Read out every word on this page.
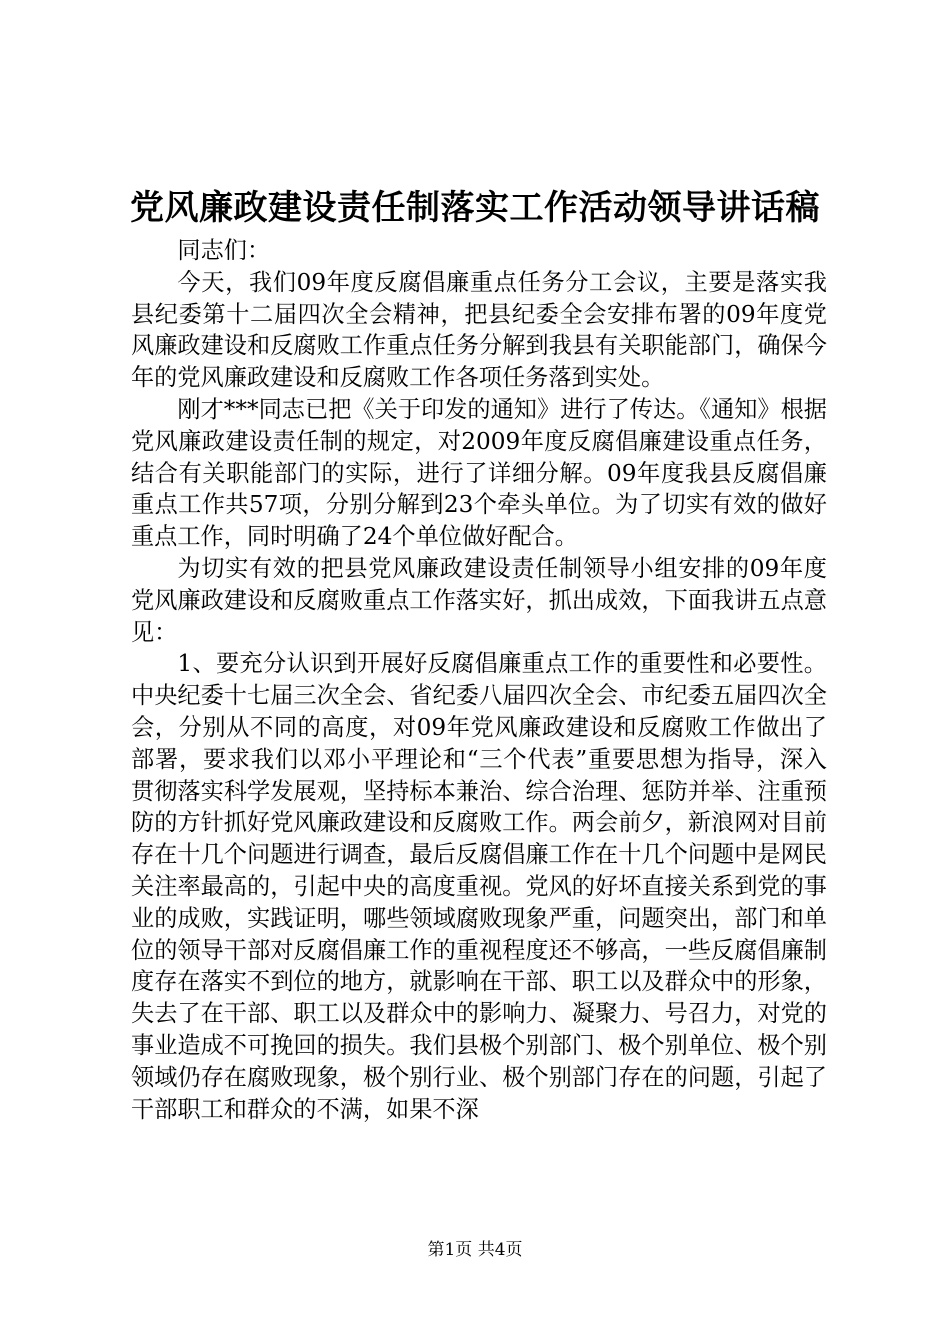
党风廉政建设责任制落实工作活动领导讲话稿

同志们：

今天，我们09年度反腐倡廉重点任务分工会议，主要是落实我县纪委第十二届四次全会精神，把县纪委全会安排布署的09年度党风廉政建设和反腐败工作重点任务分解到我县有关职能部门，确保今年的党风廉政建设和反腐败工作各项任务落到实处。

刚才***同志已把《关于印发的通知》进行了传达。《通知》根据党风廉政建设责任制的规定，对2009年度反腐倡廉建设重点任务，结合有关职能部门的实际，进行了详细分解。09年度我县反腐倡廉重点工作共57项，分别分解到23个牵头单位。为了切实有效的做好重点工作，同时明确了24个单位做好配合。

为切实有效的把县党风廉政建设责任制领导小组安排的09年度党风廉政建设和反腐败重点工作落实好，抓出成效，下面我讲五点意见：

1、要充分认识到开展好反腐倡廉重点工作的重要性和必要性。中央纪委十七届三次全会、省纪委八届四次全会、市纪委五届四次全会，分别从不同的高度，对09年党风廉政建设和反腐败工作做出了部署，要求我们以邓小平理论和“三个代表”重要思想为指导，深入贯彻落实科学发展观，坚持标本兼治、综合治理、惩防并举、注重预防的方针抓好党风廉政建设和反腐败工作。两会前夕，新浪网对目前存在十几个问题进行调查，最后反腐倡廉工作在十几个问题中是网民关注率最高的，引起中央的高度重视。党风的好坏直接关系到党的事业的成败，实践证明，哪些领域腐败现象严重，问题突出，部门和单位的领导干部对反腐倡廉工作的重视程度还不够高，一些反腐倡廉制度存在落实不到位的地方，就影响在干部、职工以及群众中的形象，失去了在干部、职工以及群众中的影响力、凝聚力、号召力，对党的事业造成不可挽回的损失。我们县极个别部门、极个别单位、极个别领域仍存在腐败现象，极个别行业、极个别部门存在的问题，引起了干部职工和群众的不满，如果不深

第1页 共4页
